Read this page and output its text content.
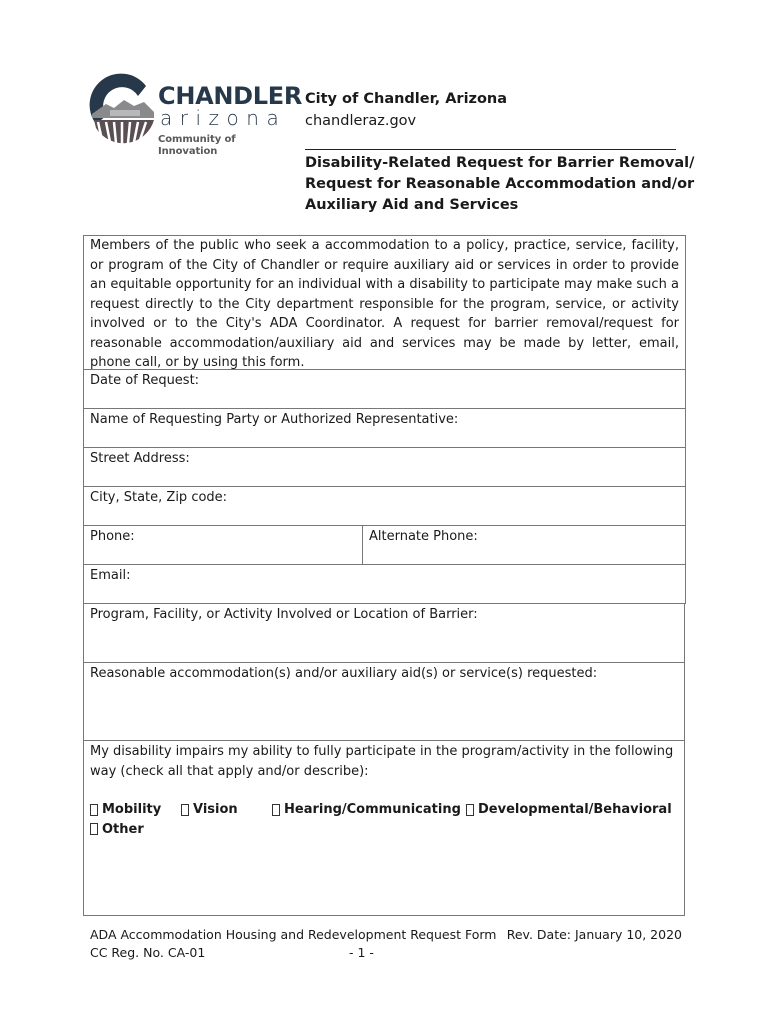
CHANDLER
arizona
Community of Innovation
City of Chandler, Arizona
chandleraz.gov
Disability-Related Request for Barrier Removal/ Request for Reasonable Accommodation and/or Auxiliary Aid and Services
Members of the public who seek a accommodation to a policy, practice, service, facility, or program of the City of Chandler or require auxiliary aid or services in order to provide an equitable opportunity for an individual with a disability to participate may make such a request directly to the City department responsible for the program, service, or activity involved or to the City's ADA Coordinator. A request for barrier removal/request for reasonable accommodation/auxiliary aid and services may be made by letter, email, phone call, or by using this form.
Date of Request:
Name of Requesting Party or Authorized Representative:
Street Address:
City, State, Zip code:
Phone:	Alternate Phone:
Email:
Program, Facility, or Activity Involved or Location of Barrier:
Reasonable accommodation(s) and/or auxiliary aid(s) or service(s) requested:
My disability impairs my ability to fully participate in the program/activity in the following way (check all that apply and/or describe):
Mobility Vision	Hearing/Communicating Developmental/Behavioral
Other
ADA Accommodation Housing and Redevelopment Request Form Rev. Date: January 10, 2020
CC Reg. No. CA-01	- 1 -
